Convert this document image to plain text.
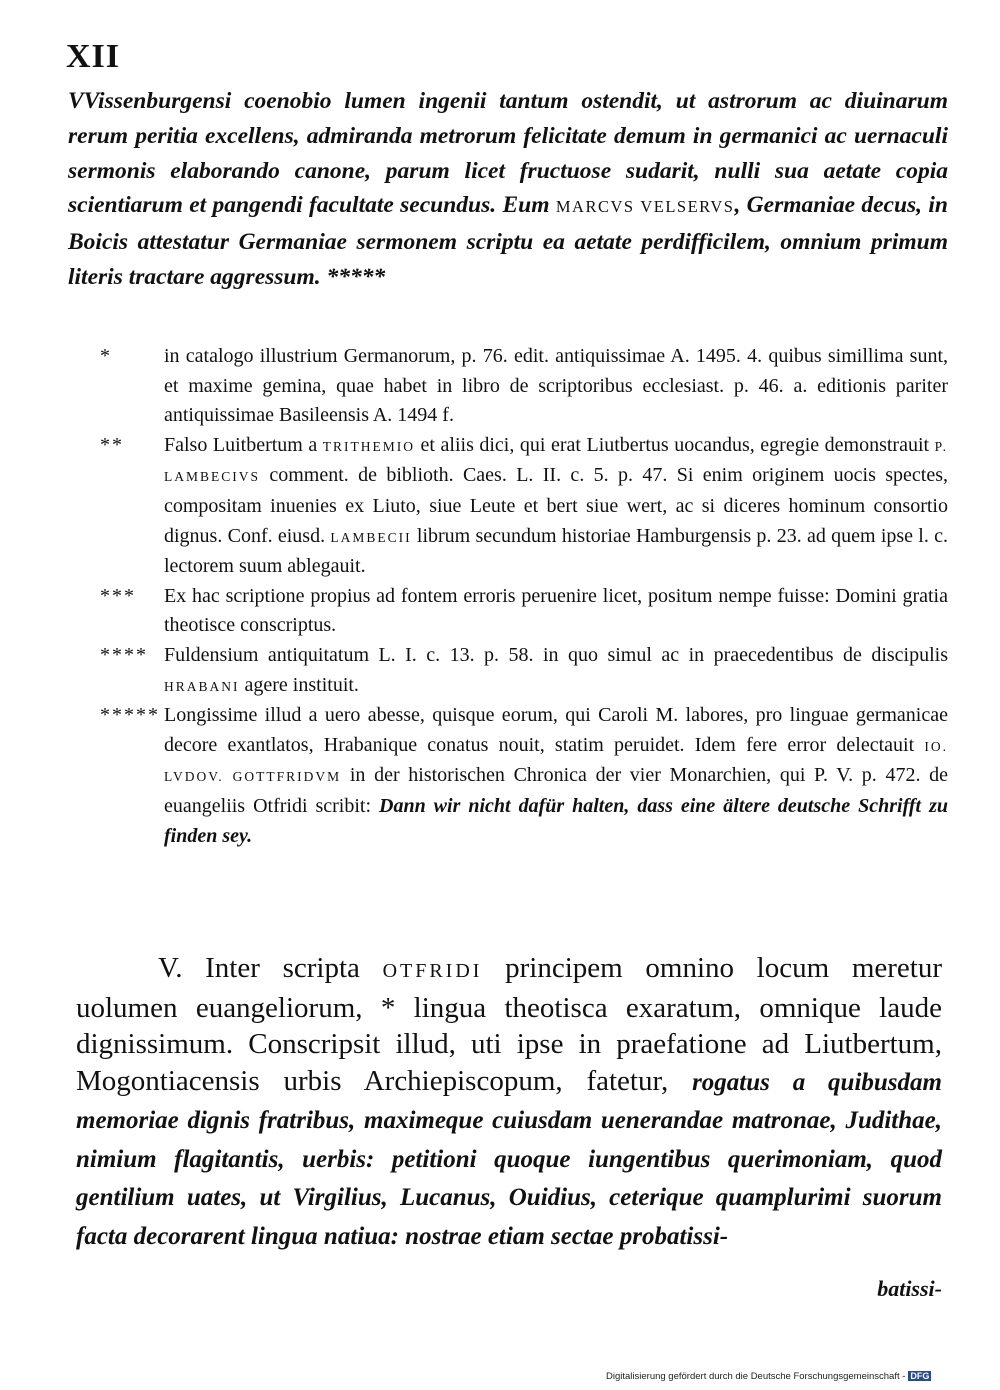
XII
VVissenburgensi coenobio lumen ingenii tantum ostendit, ut astrorum ac diuinarum rerum peritia excellens, admiranda metrorum felicitate demum in germanici ac uernaculi sermonis elaborando canone, parum licet fructuose sudarit, nulli sua aetate copia scientiarum et pangendi facultate secundus. Eum MARCVS VELSERVS, Germaniae decus, in Boicis attestatur Germaniae sermonem scriptu ea aetate perdifficilem, omnium primum literis tractare aggressum. *****
*	in catalogo illustrium Germanorum, p. 76. edit. antiquissimae A. 1495. 4. quibus simillima sunt, et maxime gemina, quae habet in libro de scriptoribus ecclesiast. p. 46. a. editionis pariter antiquissimae Basileensis A. 1494 f.
** Falso Luitbertum a TRITHEMIO et aliis dici, qui erat Liutbertus uocandus, egregie demonstrauit P. LAMBECIVS comment. de biblioth. Caes. L. II. c. 5. p. 47. Si enim originem uocis spectes, compositam inuenies ex Liuto, siue Leute et bert siue wert, ac si diceres hominum consortio dignus. Conf. eiusd. LAMBECII librum secundum historiae Hamburgensis p. 23. ad quem ipse l. c. lectorem suum ablegauit.
*** Ex hac scriptione propius ad fontem erroris peruenire licet, positum nempe fuisse: Domini gratia theotisce conscriptus.
**** Fuldensium antiquitatum L. I. c. 13. p. 58. in quo simul ac in praecedentibus de discipulis HRABANI agere instituit.
***** Longissime illud a uero abesse, quisque eorum, qui Caroli M. labores, pro linguae germanicae decore exantlatos, Hrabanique conatus nouit, statim peruidet. Idem fere error delectauit IO. LVDOV. GOTTFRIDVM in der historischen Chronica der vier Monarchien, qui P. V. p. 472. de euangeliis Otfridi scribit: Dann wir nicht dafür halten, dass eine ältere deutsche Schrifft zu finden sey.
V. Inter scripta OTFRIDI principem omnino locum meretur uolumen euangeliorum, * lingua theotisca exaratum, omnique laude dignissimum. Conscripsit illud, uti ipse in praefatione ad Liutbertum, Mogontiacensis urbis Archiepiscopum, fatetur, rogatus a quibusdam memoriae dignis fratribus, maximeque cuiusdam uenerandae matronae, Judithae, nimium flagitantis, uerbis: petitioni quoque iungentibus querimoniam, quod gentilium uates, ut Virgilius, Lucanus, Ouidius, ceterique quamplurimi suorum facta decorarent lingua natiua: nostrae etiam sectae probatissi-
batissi-
Digitalisierung gefördert durch die Deutsche Forschungsgemeinschaft - DFG
